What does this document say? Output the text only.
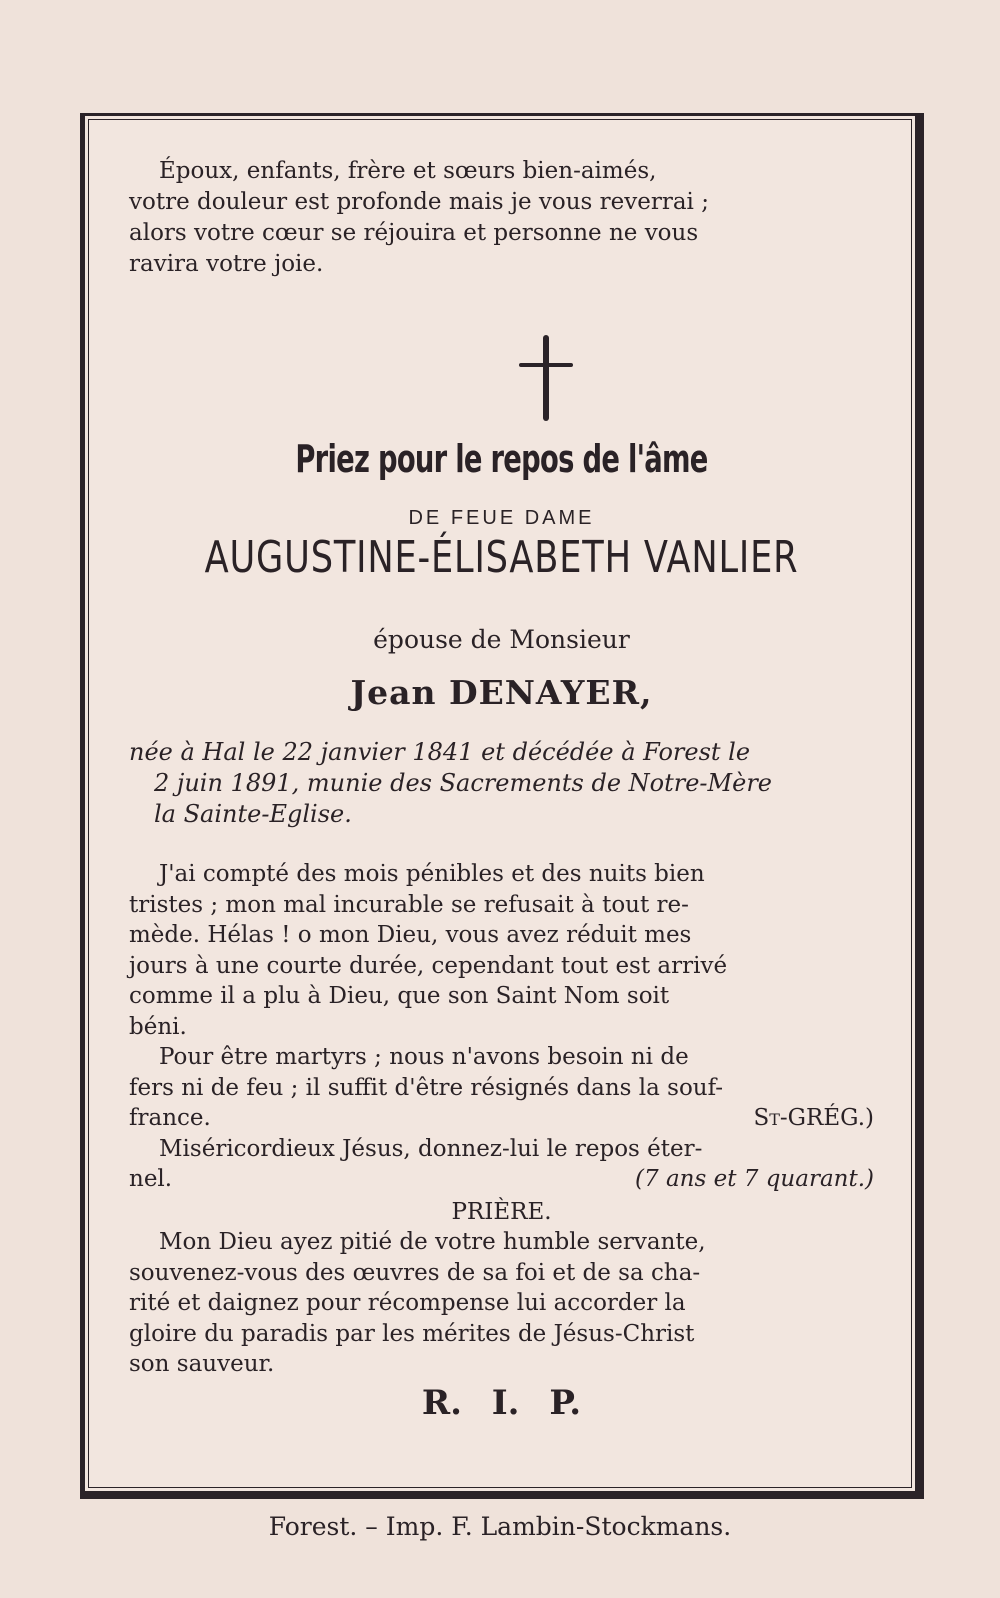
Époux, enfants, frère et sœurs bien-aimés,

votre douleur est profonde mais je vous reverrai ;

alors votre cœur se réjouira et personne ne vous

ravira votre joie.

Priez pour le repos de l'âme
DE FEUE DAME
AUGUSTINE-ÉLISABETH VANLIER
épouse de Monsieur
Jean DENAYER,
née à Hal le 22 janvier 1841 et décédée à Forest le
2 juin 1891, munie des Sacrements de Notre-Mère
la Sainte-Eglise.
J'ai compté des mois pénibles et des nuits bien
tristes ; mon mal incurable se refusait à tout re-
mède. Hélas ! o mon Dieu, vous avez réduit mes
jours à une courte durée, cependant tout est arrivé
comme il a plu à Dieu, que son Saint Nom soit
béni.
Pour être martyrs ; nous n'avons besoin ni de
fers ni de feu ; il suffit d'être résignés dans la souf-
france.	St-GRÉG.)
Miséricordieux Jésus, donnez-lui le repos éter-
nel.	(7 ans et 7 quarant.)
PRIÈRE.
Mon Dieu ayez pitié de votre humble servante,
souvenez-vous des œuvres de sa foi et de sa cha-
rité et daignez pour récompense lui accorder la
gloire du paradis par les mérites de Jésus-Christ
son sauveur.
R. I. P.
Forest. – Imp. F. Lambin-Stockmans.
